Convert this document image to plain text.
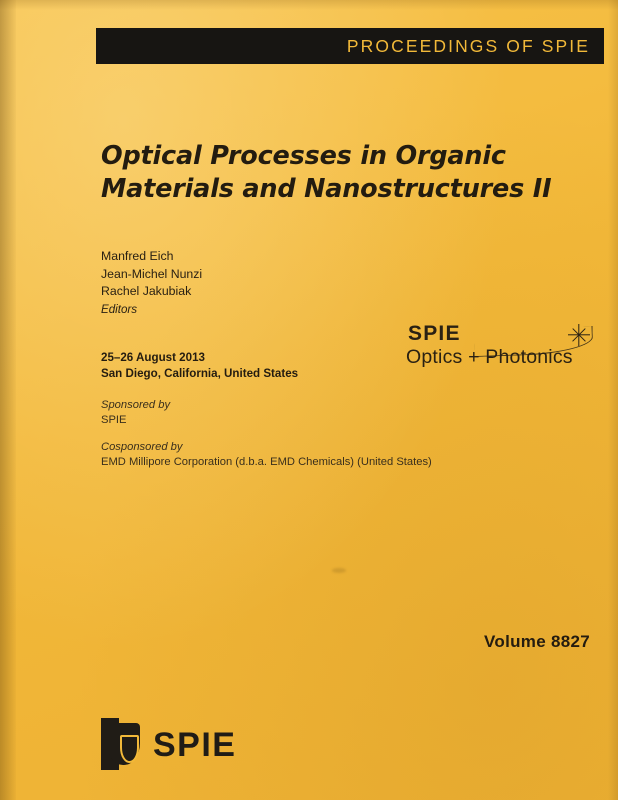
PROCEEDINGS OF SPIE
Optical Processes in Organic
Materials and Nanostructures II
Manfred Eich
Jean-Michel Nunzi
Rachel Jakubiak
Editors
25–26 August 2013
San Diego, California, United States
SPIE
Optics + Photonics
Sponsored by
SPIE
Cosponsored by
EMD Millipore Corporation (d.b.a. EMD Chemicals) (United States)
Volume 8827
SPIE
